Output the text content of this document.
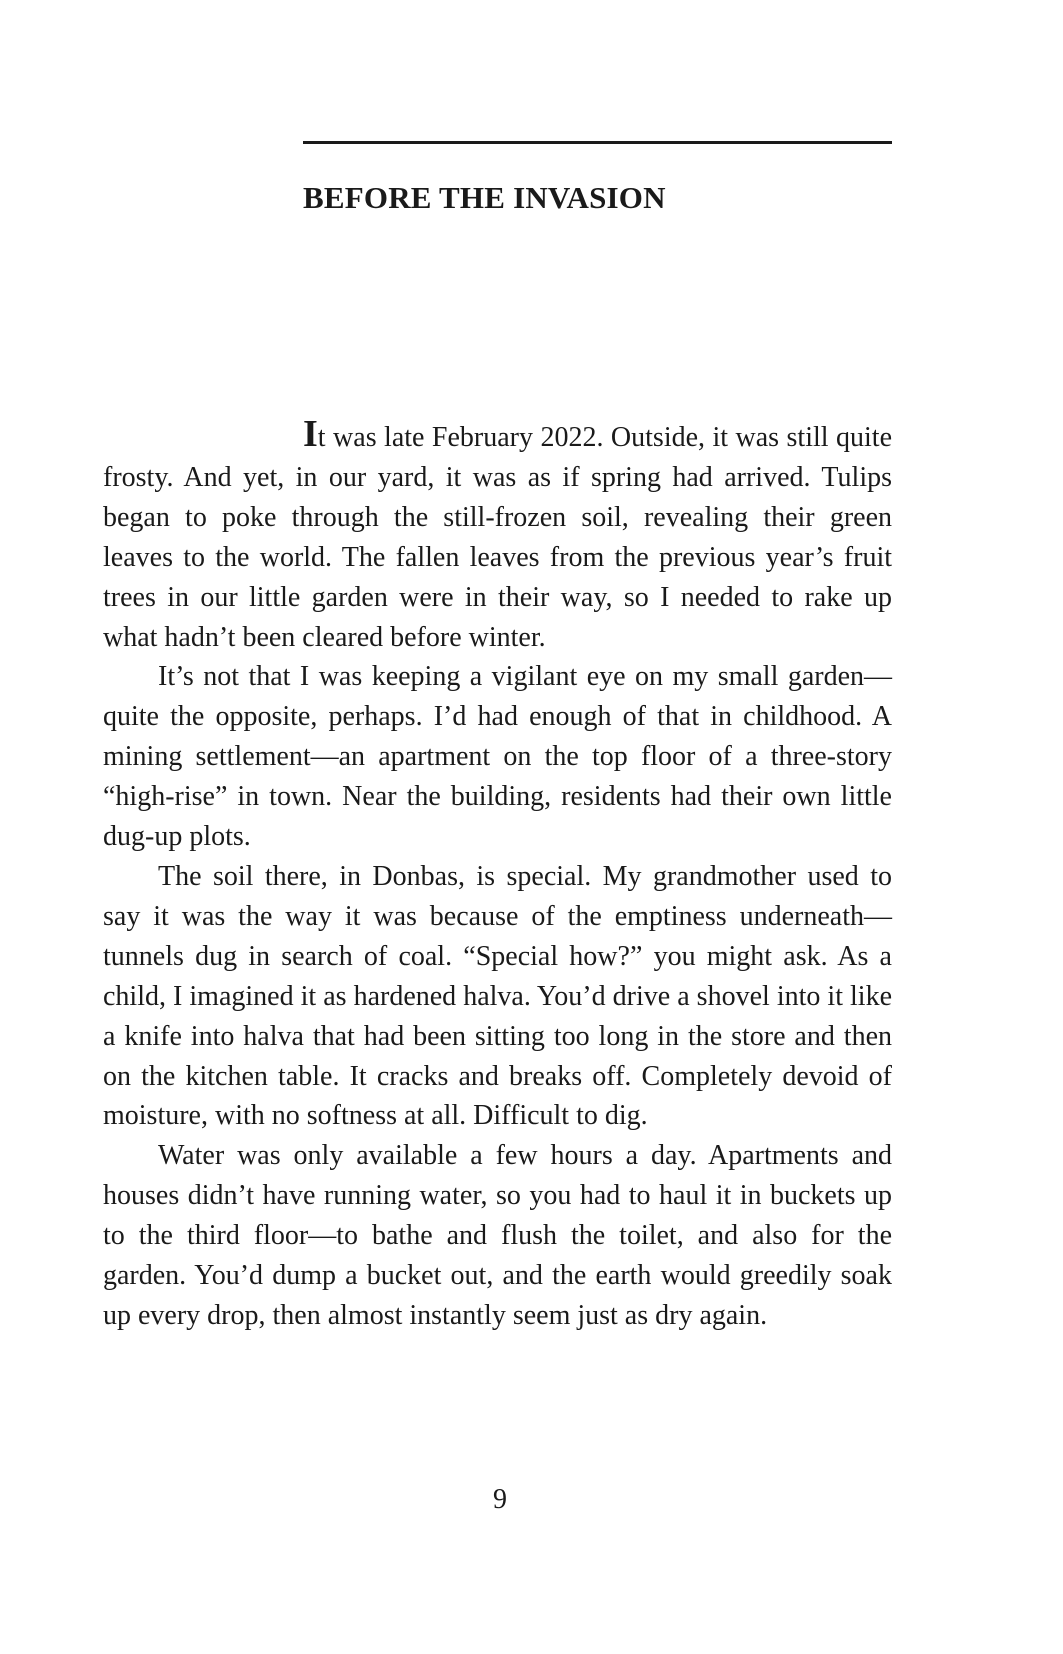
BEFORE THE INVASION

It was late February 2022. Outside, it was still quite frosty. And yet, in our yard, it was as if spring had arrived. Tulips began to poke through the still-frozen soil, revealing their green leaves to the world. The fallen leaves from the previous year’s fruit trees in our little garden were in their way, so I needed to rake up what hadn’t been cleared before winter.

It’s not that I was keeping a vigilant eye on my small garden—quite the opposite, perhaps. I’d had enough of that in childhood. A mining settlement—an apartment on the top floor of a three-story “high-rise” in town. Near the building, residents had their own little dug-up plots.

The soil there, in Donbas, is special. My grandmother used to say it was the way it was because of the emptiness underneath—tunnels dug in search of coal. “Special how?” you might ask. As a child, I imagined it as hardened halva. You’d drive a shovel into it like a knife into halva that had been sitting too long in the store and then on the kitchen table. It cracks and breaks off. Completely devoid of moisture, with no softness at all. Difficult to dig.

Water was only available a few hours a day. Apartments and houses didn’t have running water, so you had to haul it in buckets up to the third floor—to bathe and flush the toilet, and also for the garden. You’d dump a bucket out, and the earth would greedily soak up every drop, then almost instantly seem just as dry again.

9
